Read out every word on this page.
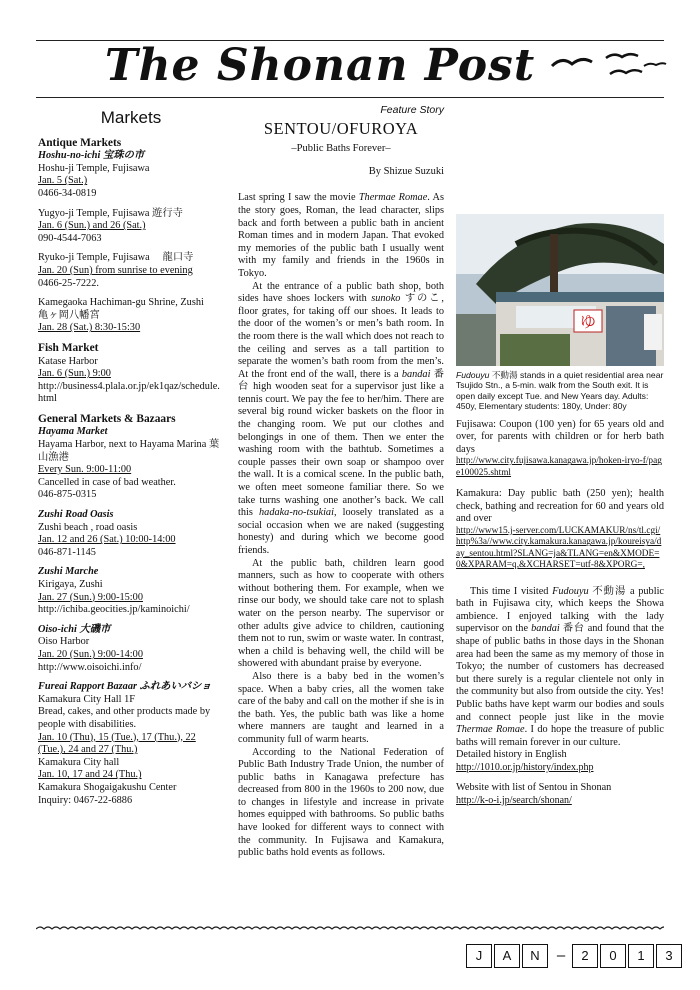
The Shonan Post
Markets
Antique Markets
Hoshu-no-ichi 宝珠の市
Hoshu-ji Temple, Fujisawa
Jan. 5 (Sat.)
0466-34-0819
Yugyo-ji Temple, Fujisawa 遊行寺
Jan. 6 (Sun.) and 26 (Sat.)
090-4544-7063
Ryuko-ji Temple, Fujisawa　 龍口寺
Jan. 20 (Sun) from sunrise to evening
0466-25-7222.
Kamegaoka Hachiman-gu Shrine, Zushi
亀ヶ岡八幡宮
Jan. 28 (Sat.) 8:30-15:30
Fish Market
Katase Harbor
Jan. 6 (Sun.) 9:00
http://business4.plala.or.jp/ek1qaz/schedule.html
General Markets & Bazaars
Hayama Market
Hayama Harbor, next to Hayama Marina 葉山漁港
Every Sun. 9:00-11:00
Cancelled in case of bad weather.
046-875-0315
Zushi Road Oasis
Zushi beach , road oasis
Jan. 12 and 26 (Sat.) 10:00-14:00
046-871-1145
Zushi Marche
Kirigaya, Zushi
Jan. 27 (Sun.) 9:00-15:00
http://ichiba.geocities.jp/kaminoichi/
Oiso-ichi 大磯市
Oiso Harbor
Jan. 20 (Sun.) 9:00-14:00
http://www.oisoichi.info/
Fureai Rapport Bazaar ふれあいバショ
Kamakura City Hall 1F
Bread, cakes, and other products made by people with disabilities.
Jan. 10 (Thu), 15 (Tue.), 17 (Thu.), 22 (Tue.), 24 and 27 (Thu.)
Kamakura City hall
Jan. 10, 17 and 24 (Thu.)
Kamakura Shogaigakushu Center
Inquiry: 0467-22-6886
Feature Story
SENTOU/OFUROYA
–Public Baths Forever–
By Shizue Suzuki

Last spring I saw the movie Thermae Romae. As the story goes, Roman, the lead character, slips back and forth between a public bath in ancient Roman times and in modern Japan. That evoked my memories of the public bath I usually went with my family and friends in the 1960s in Tokyo.

At the entrance of a public bath shop, both sides have shoes lockers with sunoko すのこ, floor grates, for taking off our shoes. It leads to the door of the women’s or men’s bath room. In the room there is the wall which does not reach to the ceiling and serves as a tall partition to separate the women’s bath room from the men’s. At the front end of the wall, there is a bandai 番台 high wooden seat for a supervisor just like a tennis court. We pay the fee to her/him. There are several big round wicker baskets on the floor in the changing room. We put our clothes and belongings in one of them. Then we enter the washing room with the bathtub. Sometimes a couple passes their own soap or shampoo over the wall. It is a comical scene. In the public bath, we often meet someone familiar there. So we take turns washing one another’s back. We call this hadaka-no-tsukiai, loosely translated as a social occasion when we are naked (suggesting honesty) and during which we become good friends.

At the public bath, children learn good manners, such as how to cooperate with others without bothering them. For example, when we rinse our body, we should take care not to splash water on the person nearby. The supervisor or other adults give advice to children, cautioning them not to run, swim or waste water. In contrast, when a child is behaving well, the child will be showered with abundant praise by everyone.

Also there is a baby bed in the women’s space. When a baby cries, all the women take care of the baby and call on the mother if she is in the bath. Yes, the public bath was like a home where manners are taught and learned in a community full of warm hearts.

According to the National Federation of Public Bath Industry Trade Union, the number of public baths in Kanagawa prefecture has decreased from 800 in the 1960s to 200 now, due to changes in lifestyle and increase in private homes equipped with bathrooms. So public baths have looked for different ways to connect with the community. In Fujisawa and Kamakura, public baths hold events as follows.

ゆ
Fudouyu 不動湯 stands in a quiet residential area near Tsujido Stn., a 5-min. walk from the South exit. It is open daily except Tue. and New Years day. Adults: 450y, Elementary students: 180y, Under: 80y

Fujisawa: Coupon (100 yen) for 65 years old and over, for parents with children or for herb bath days

http://www.city.fujisawa.kanagawa.jp/hoken-iryo-f/page100025.shtml

Kamakura: Day public bath (250 yen); health check, bathing and recreation for 60 and years old and over

http://www15.j-server.com/LUCKAMAKUR/ns/tl.cgi/http%3a//www.city.kamakura.kanagawa.jp/koureisya/day_sentou.html?SLANG=ja&TLANG=en&XMODE=0&XPARAM=q,&XCHARSET=utf-8&XPORG=,

This time I visited Fudouyu 不動湯 a public bath in Fujisawa city, which keeps the Showa ambience. I enjoyed talking with the lady supervisor on the bandai 番台 and found that the shape of public baths in those days in the Shonan area had been the same as my memory of those in Tokyo; the number of customers has decreased but there surely is a regular clientele not only in the community but also from outside the city. Yes! Public baths have kept warm our bodies and souls and connect people just like in the movie Thermae Romae. I do hope the treasure of public baths will remain forever in our culture.

Detailed history in English
http://1010.or.jp/history/index.php
Website with list of Sentou in Shonan
http://k-o-i.jp/search/shonan/
J	A	N	–	2	0	1	3
